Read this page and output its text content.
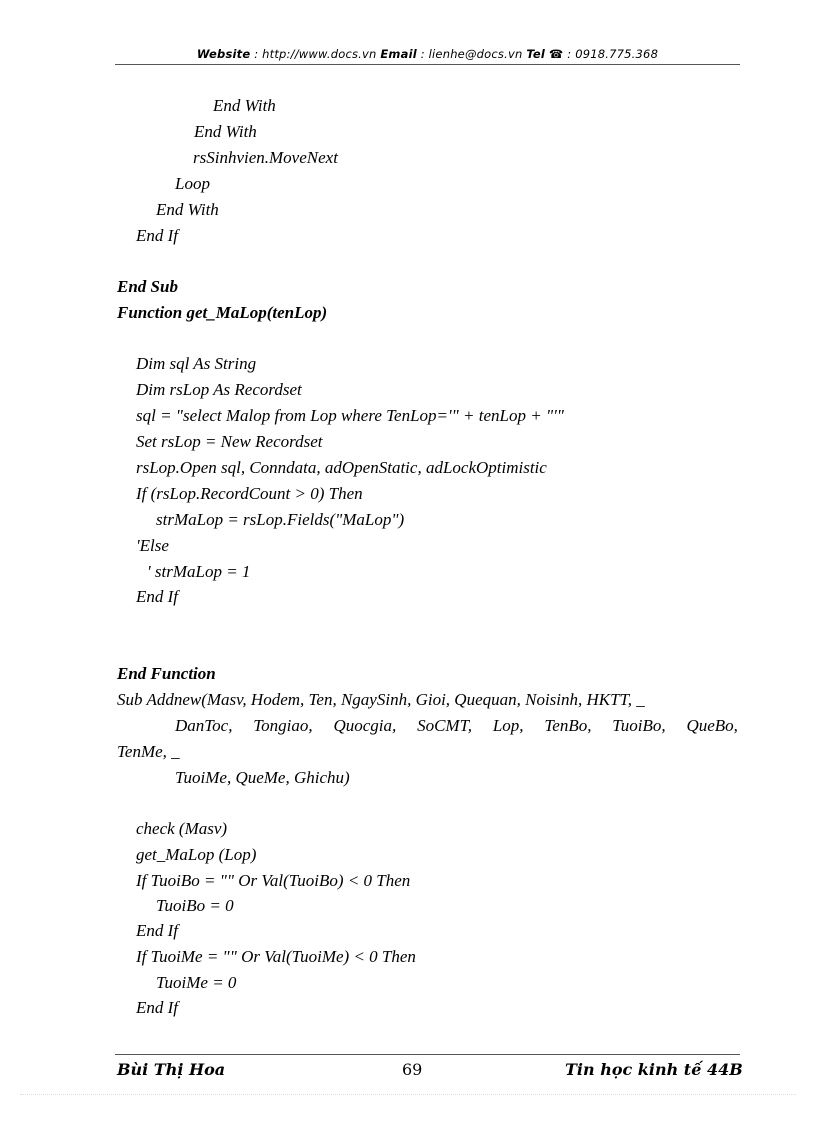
Website : http://www.docs.vn Email : lienhe@docs.vn Tel ☎ : 0918.775.368
End With
End With
rsSinhvien.MoveNext
Loop
End With
End If
End Sub
Function get_MaLop(tenLop)
Dim sql As String
Dim rsLop As Recordset
sql = "select Malop from Lop where TenLop='" + tenLop + "'"
Set rsLop = New Recordset
rsLop.Open sql, Conndata, adOpenStatic, adLockOptimistic
If (rsLop.RecordCount > 0) Then
strMaLop = rsLop.Fields("MaLop")
'Else
' strMaLop = 1
End If
End Function
Sub Addnew(Masv, Hodem, Ten, NgaySinh, Gioi, Quequan, Noisinh, HKTT, _
DanToc, Tongiao, Quocgia, SoCMT, Lop, TenBo, TuoiBo, QueBo,
TenMe, _
TuoiMe, QueMe, Ghichu)
check (Masv)
get_MaLop (Lop)
If TuoiBo = "" Or Val(TuoiBo) < 0 Then
TuoiBo = 0
End If
If TuoiMe = "" Or Val(TuoiMe) < 0 Then
TuoiMe = 0
End If
Bùi Thị Hoa	69	Tin học kinh tế 44B
